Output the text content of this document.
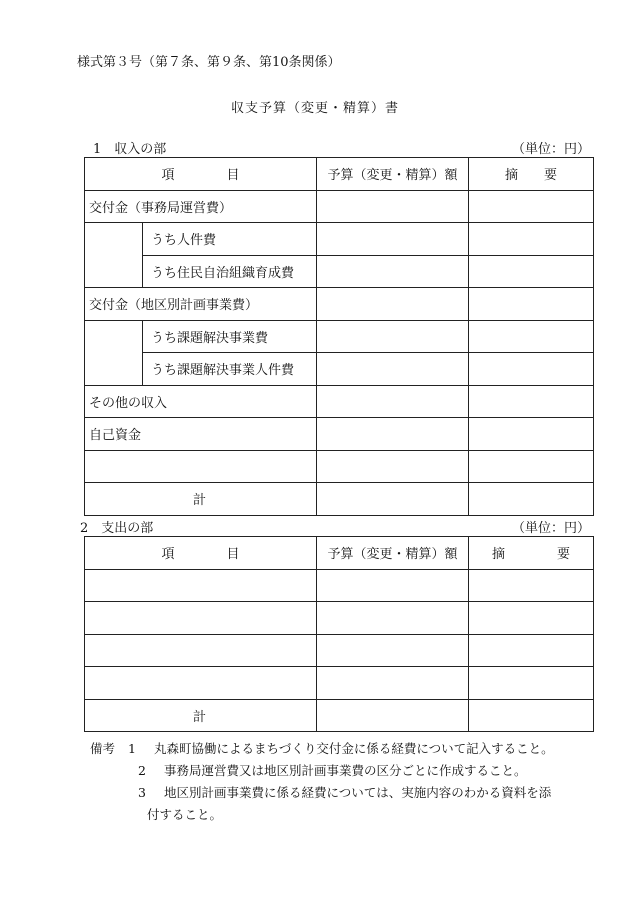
様式第３号（第７条、第９条、第10条関係）
収支予算（変更・精算）書
1　収入の部	（単位：円）
項　　　　目		予算（変更・精算）額	摘　　要
交付金（事務局運営費）			
	うち人件費		
	うち住民自治組織育成費		
交付金（地区別計画事業費）			
	うち課題解決事業費		
	うち課題解決事業人件費		
その他の収入			
自己資金			

計			
2　支出の部	（単位：円）
項　　　　目	予算（変更・精算）額	摘　　　　要

計		
備考 1 丸森町協働によるまちづくり交付金に係る経費について記入すること。
2 事務局運営費又は地区別計画事業費の区分ごとに作成すること。
3 地区別計画事業費に係る経費については、実施内容のわかる資料を添
付すること。
